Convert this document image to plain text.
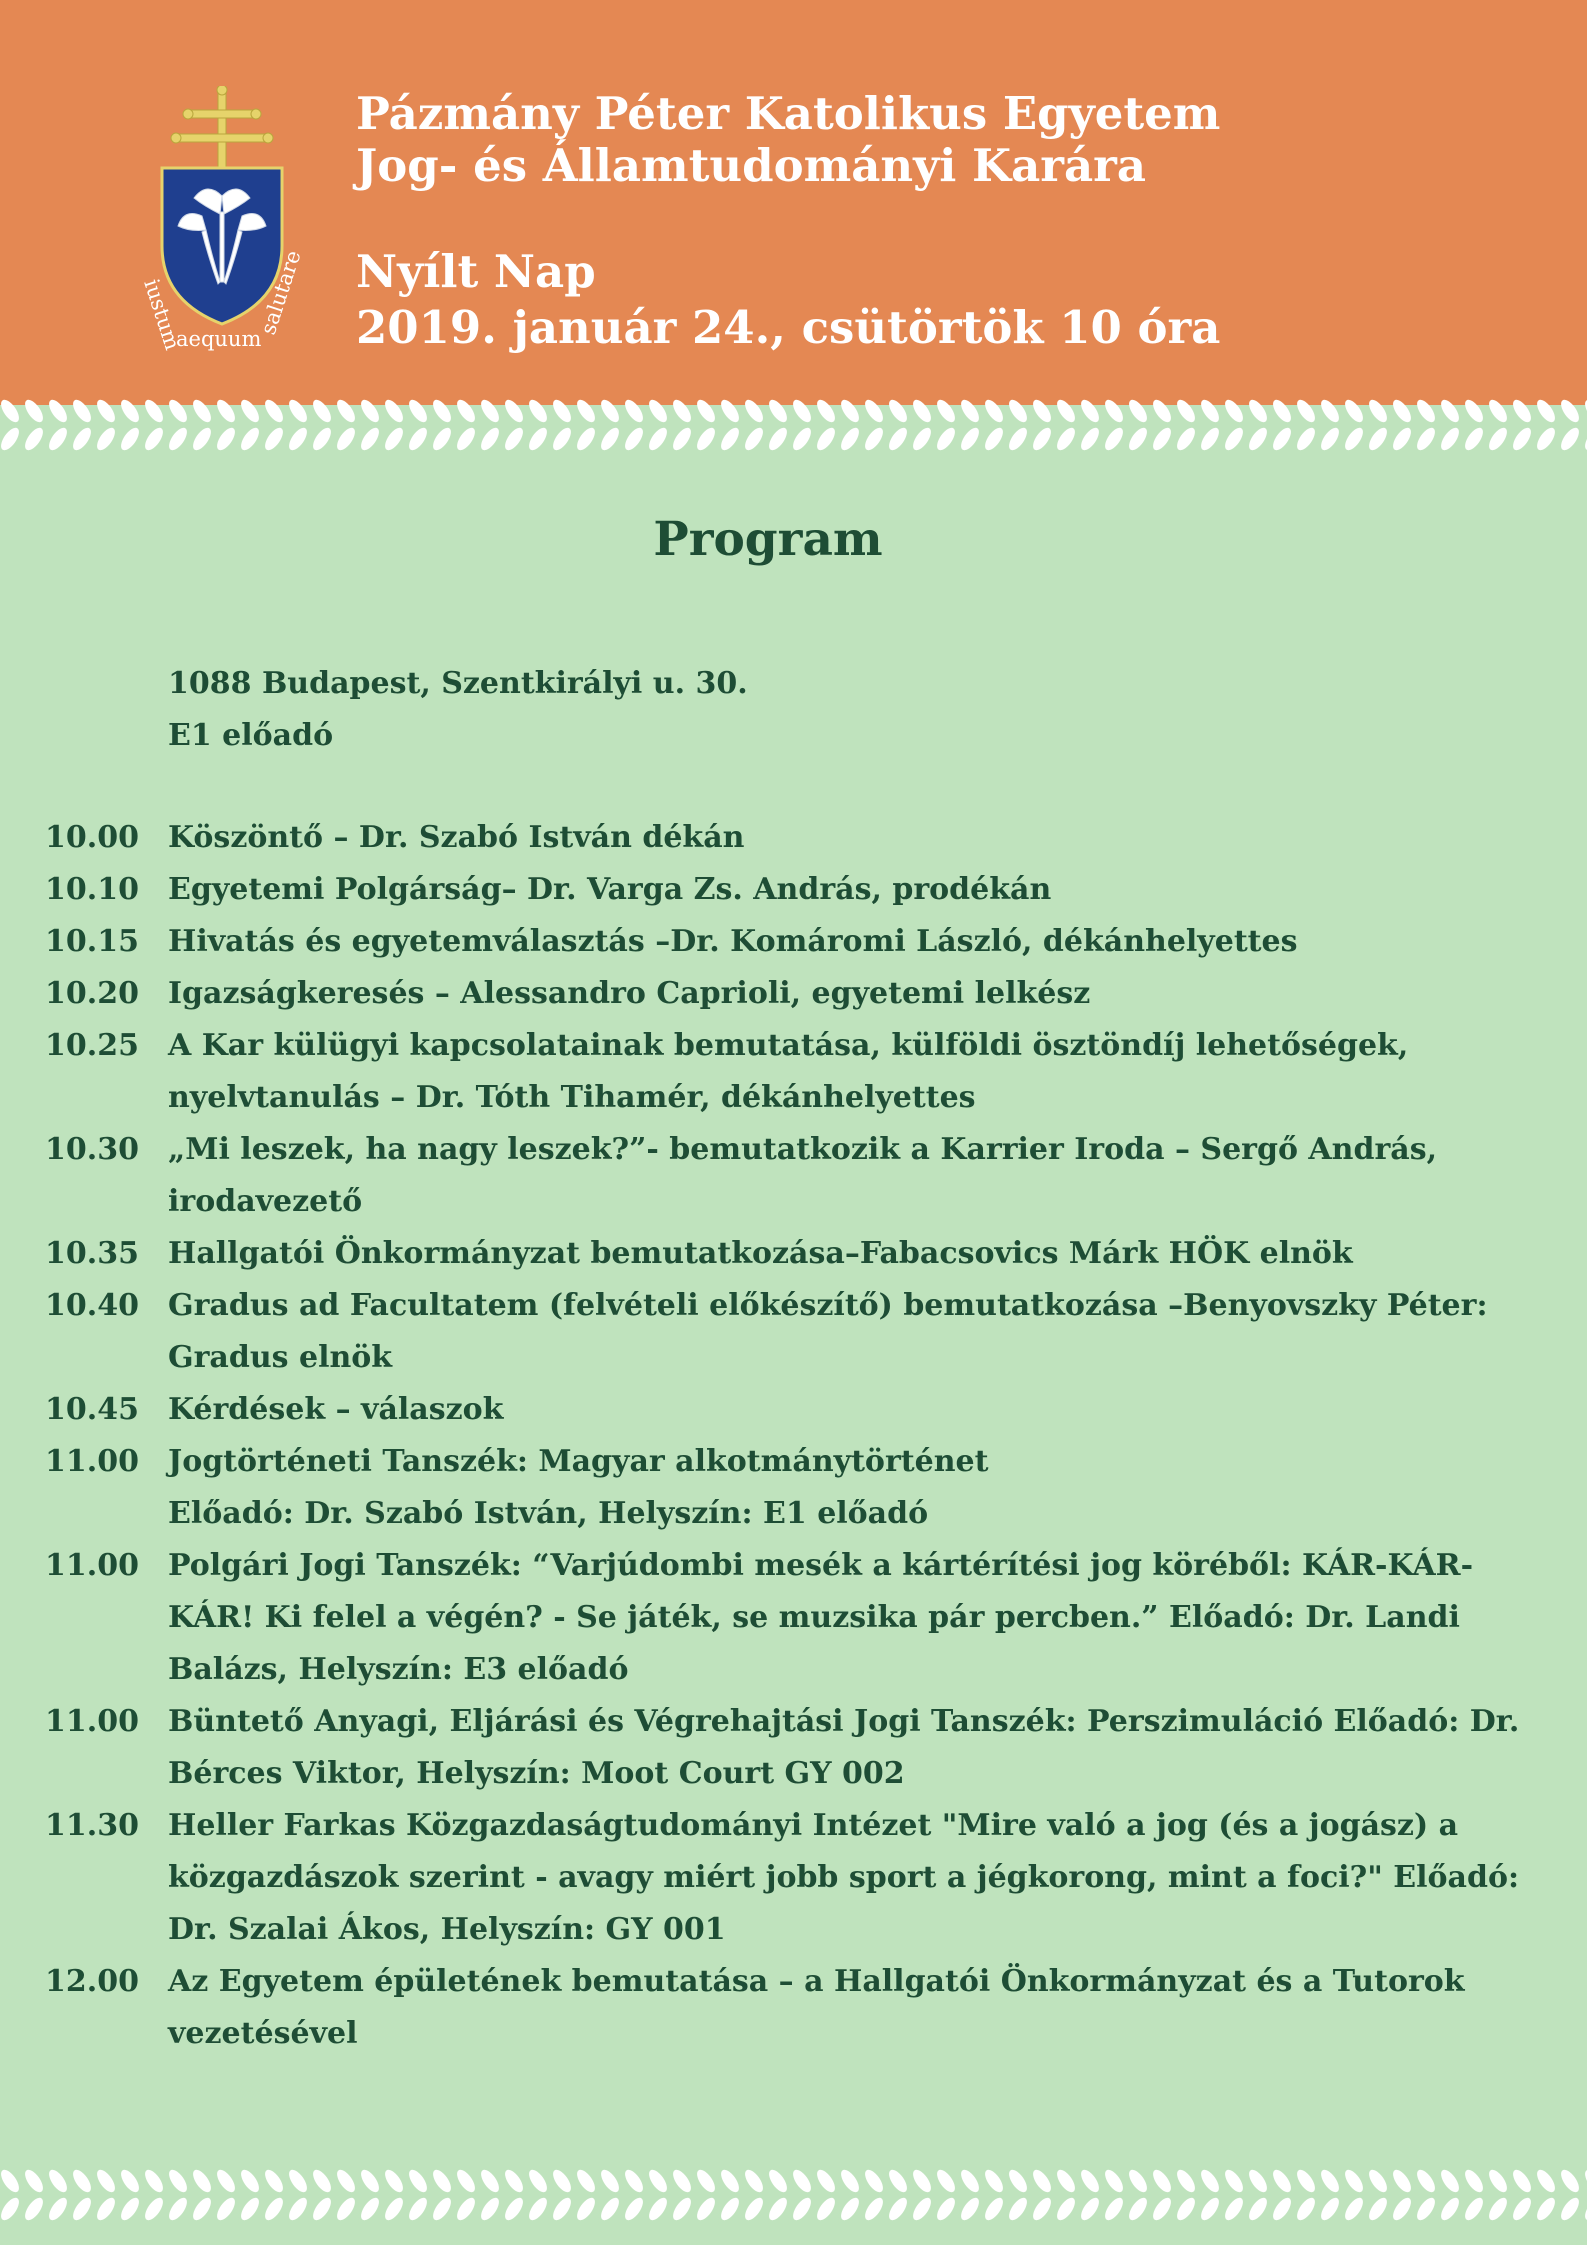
iustum
aequum
salutare
Pázmány Péter Katolikus Egyetem
Jog- és Államtudományi Karára
Nyílt Nap
2019. január 24., csütörtök 10 óra
Program
1088 Budapest, Szentkirályi u. 30.
E1 előadó
10.00 Köszöntő – Dr. Szabó István dékán
10.10 Egyetemi Polgárság– Dr. Varga Zs. András, prodékán
10.15 Hivatás és egyetemválasztás –Dr. Komáromi László, dékánhelyettes
10.20 Igazságkeresés – Alessandro Caprioli, egyetemi lelkész
10.25 A Kar külügyi kapcsolatainak bemutatása, külföldi ösztöndíj lehetőségek, nyelvtanulás – Dr. Tóth Tihamér, dékánhelyettes
10.30 „Mi leszek, ha nagy leszek?”- bemutatkozik a Karrier Iroda – Sergő András, irodavezető
10.35 Hallgatói Önkormányzat bemutatkozása–Fabacsovics Márk HÖK elnök
10.40 Gradus ad Facultatem (felvételi előkészítő) bemutatkozása –Benyovszky Péter: Gradus elnök
10.45 Kérdések – válaszok
11.00 Jogtörténeti Tanszék: Magyar alkotmánytörténet
Előadó: Dr. Szabó István, Helyszín: E1 előadó
11.00 Polgári Jogi Tanszék: “Varjúdombi mesék a kártérítési jog köréből: KÁR-KÁR-KÁR! Ki felel a végén? - Se játék, se muzsika pár percben.” Előadó: Dr. Landi Balázs, Helyszín: E3 előadó
11.00 Büntető Anyagi, Eljárási és Végrehajtási Jogi Tanszék: Perszimuláció Előadó: Dr. Bérces Viktor, Helyszín: Moot Court GY 002
11.30 Heller Farkas Közgazdaságtudományi Intézet "Mire való a jog (és a jogász) a közgazdászok szerint - avagy miért jobb sport a jégkorong, mint a foci?" Előadó: Dr. Szalai Ákos, Helyszín: GY 001
12.00 Az Egyetem épületének bemutatása – a Hallgatói Önkormányzat és a Tutorok vezetésével
